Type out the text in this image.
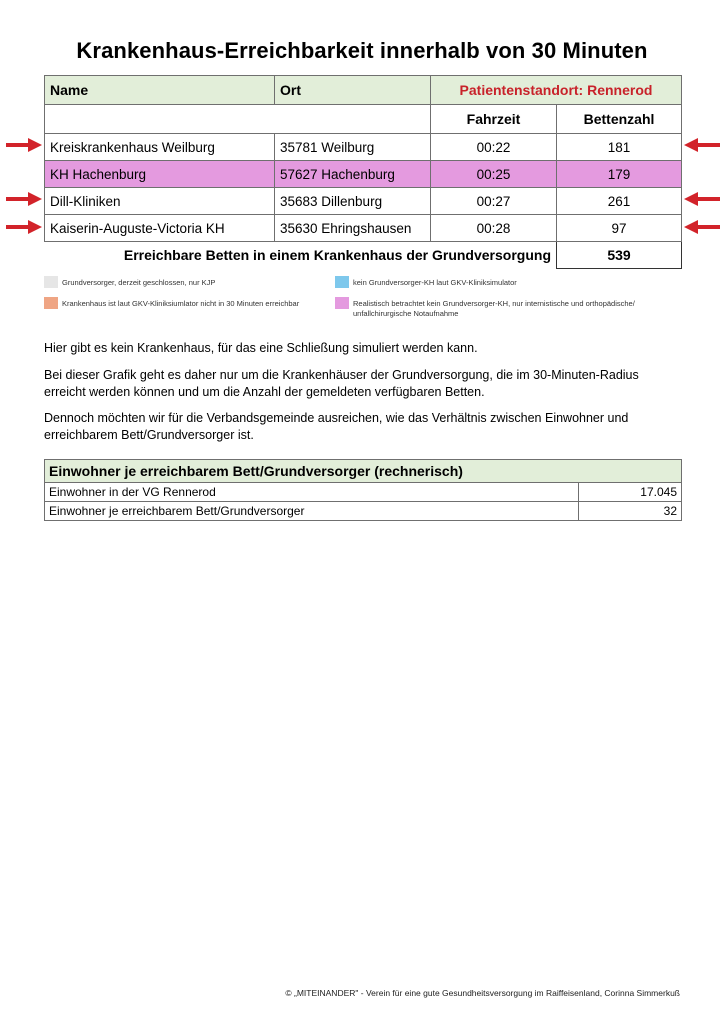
Krankenhaus-Erreichbarkeit innerhalb von 30 Minuten
Name	Ort	Patientenstandort: Rennerod	
		Fahrzeit	Bettenzahl
Kreiskrankenhaus Weilburg	35781 Weilburg	00:22	181
KH Hachenburg	57627 Hachenburg	00:25	179
Dill-Kliniken	35683 Dillenburg	00:27	261
Kaiserin-Auguste-Victoria KH	35630 Ehringshausen	00:28	97
Erreichbare Betten in einem Krankenhaus der Grundversorgung			539
Grundversorger, derzeit geschlossen, nur KJP	kein Grundversorger-KH laut GKV-Kliniksimulator
Krankenhaus ist laut GKV-Kliniksiumlator nicht in 30 Minuten erreichbar	Realistisch betrachtet kein Grundversorger-KH, nur internistische und orthopädische/ unfallchirurgische Notaufnahme
Hier gibt es kein Krankenhaus, für das eine Schließung simuliert werden kann.
Bei dieser Grafik geht es daher nur um die Krankenhäuser der Grundversorgung, die im 30-Minuten-Radius erreicht werden können und um die Anzahl der gemeldeten verfügbaren Betten.
Dennoch möchten wir für die Verbandsgemeinde ausreichen, wie das Verhältnis zwischen Einwohner und erreichbarem Bett/Grundversorger ist.
Einwohner je erreichbarem Bett/Grundversorger (rechnerisch)	
Einwohner in der VG Rennerod	17.045
Einwohner je erreichbarem Bett/Grundversorger	32
© „MITEINANDER" - Verein für eine gute Gesundheitsversorgung im Raiffeisenland, Corinna Simmerkuß
